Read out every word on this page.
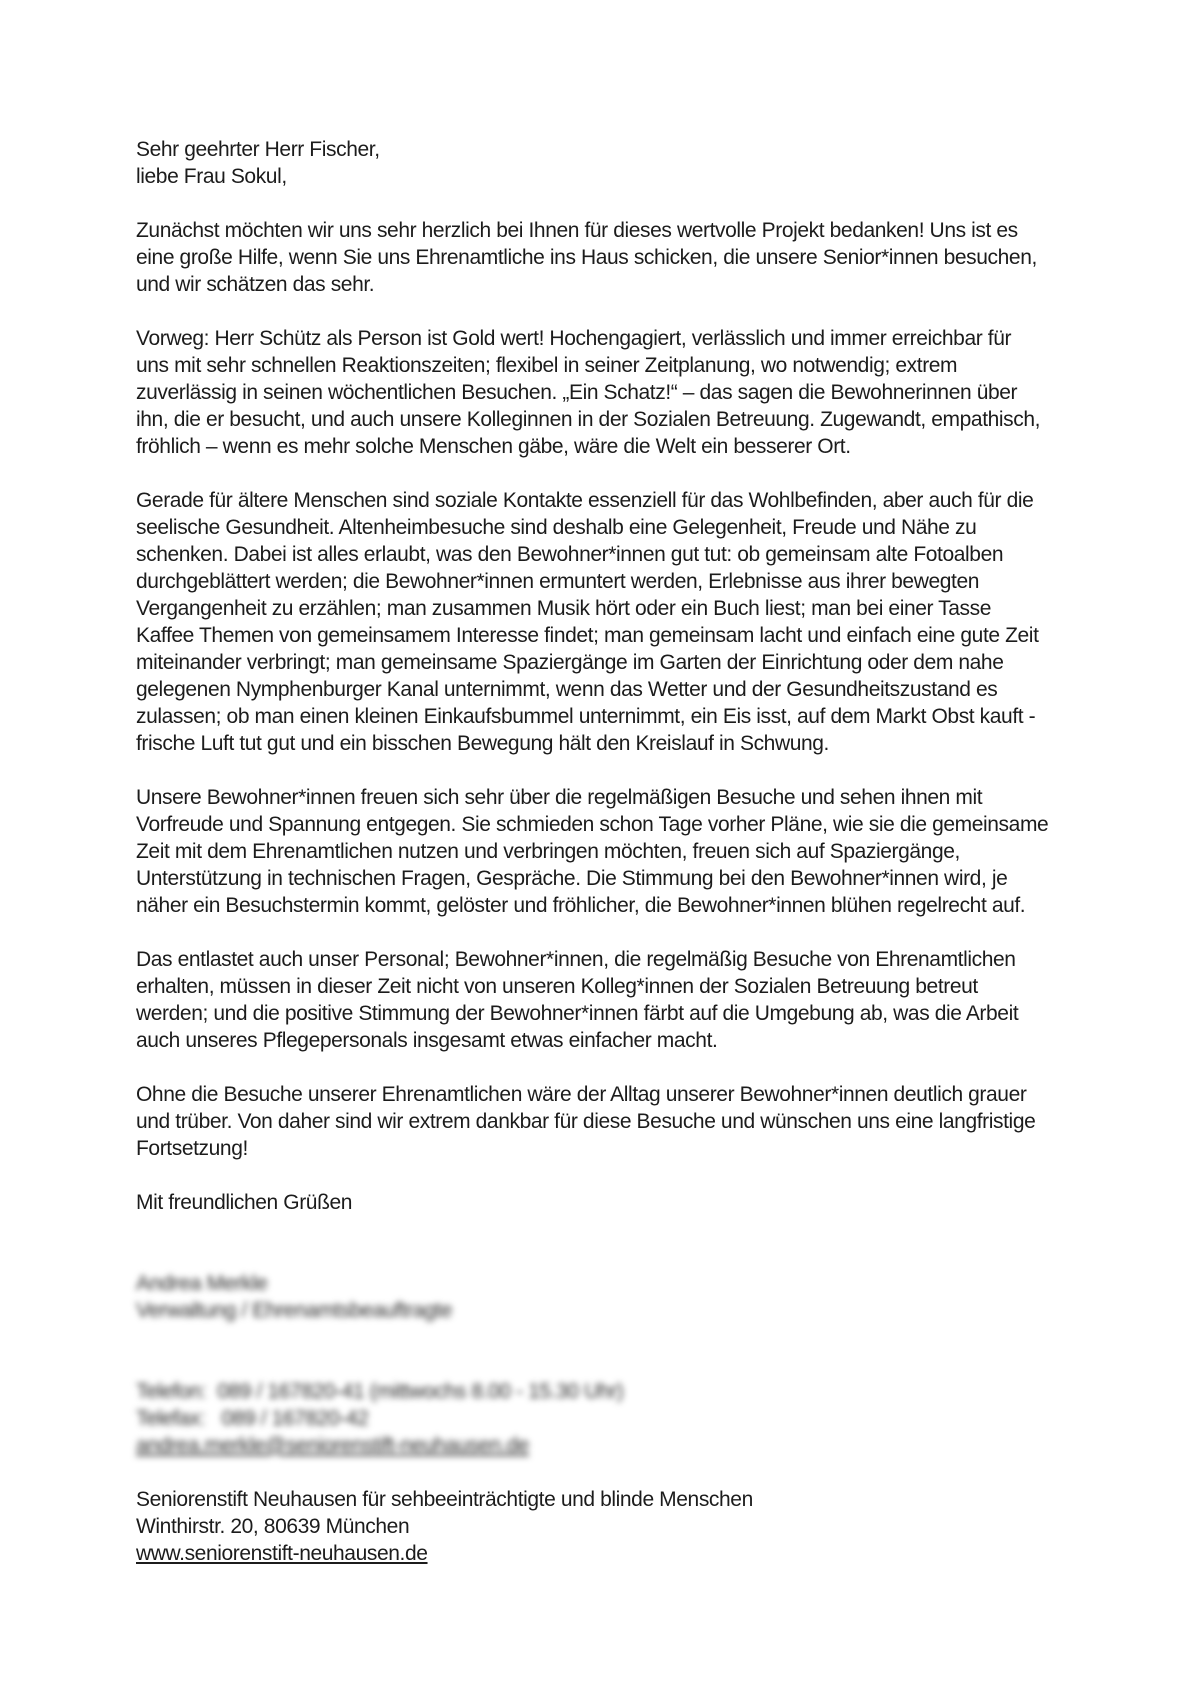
Sehr geehrter Herr Fischer,
liebe Frau Sokul,
Zunächst möchten wir uns sehr herzlich bei Ihnen für dieses wertvolle Projekt bedanken! Uns ist es
eine große Hilfe, wenn Sie uns Ehrenamtliche ins Haus schicken, die unsere Senior*innen besuchen,
und wir schätzen das sehr.
Vorweg: Herr Schütz als Person ist Gold wert! Hochengagiert, verlässlich und immer erreichbar für
uns mit sehr schnellen Reaktionszeiten; flexibel in seiner Zeitplanung, wo notwendig; extrem
zuverlässig in seinen wöchentlichen Besuchen. „Ein Schatz!“ – das sagen die Bewohnerinnen über
ihn, die er besucht, und auch unsere Kolleginnen in der Sozialen Betreuung. Zugewandt, empathisch,
fröhlich – wenn es mehr solche Menschen gäbe, wäre die Welt ein besserer Ort.
Gerade für ältere Menschen sind soziale Kontakte essenziell für das Wohlbefinden, aber auch für die
seelische Gesundheit. Altenheimbesuche sind deshalb eine Gelegenheit, Freude und Nähe zu
schenken. Dabei ist alles erlaubt, was den Bewohner*innen gut tut: ob gemeinsam alte Fotoalben
durchgeblättert werden; die Bewohner*innen ermuntert werden, Erlebnisse aus ihrer bewegten
Vergangenheit zu erzählen; man zusammen Musik hört oder ein Buch liest; man bei einer Tasse
Kaffee Themen von gemeinsamem Interesse findet; man gemeinsam lacht und einfach eine gute Zeit
miteinander verbringt; man gemeinsame Spaziergänge im Garten der Einrichtung oder dem nahe
gelegenen Nymphenburger Kanal unternimmt, wenn das Wetter und der Gesundheitszustand es
zulassen; ob man einen kleinen Einkaufsbummel unternimmt, ein Eis isst, auf dem Markt Obst kauft -
frische Luft tut gut und ein bisschen Bewegung hält den Kreislauf in Schwung.
Unsere Bewohner*innen freuen sich sehr über die regelmäßigen Besuche und sehen ihnen mit
Vorfreude und Spannung entgegen. Sie schmieden schon Tage vorher Pläne, wie sie die gemeinsame
Zeit mit dem Ehrenamtlichen nutzen und verbringen möchten, freuen sich auf Spaziergänge,
Unterstützung in technischen Fragen, Gespräche. Die Stimmung bei den Bewohner*innen wird, je
näher ein Besuchstermin kommt, gelöster und fröhlicher, die Bewohner*innen blühen regelrecht auf.
Das entlastet auch unser Personal; Bewohner*innen, die regelmäßig Besuche von Ehrenamtlichen
erhalten, müssen in dieser Zeit nicht von unseren Kolleg*innen der Sozialen Betreuung betreut
werden; und die positive Stimmung der Bewohner*innen färbt auf die Umgebung ab, was die Arbeit
auch unseres Pflegepersonals insgesamt etwas einfacher macht.
Ohne die Besuche unserer Ehrenamtlichen wäre der Alltag unserer Bewohner*innen deutlich grauer
und trüber. Von daher sind wir extrem dankbar für diese Besuche und wünschen uns eine langfristige
Fortsetzung!
Mit freundlichen Grüßen
Andrea Merkle
Verwaltung / Ehrenamtsbeauftragte
Telefon:  089 / 167820-41 (mittwochs 8.00 - 15.30 Uhr)
Telefax:   089 / 167820-42
andrea.merkle@seniorenstift-neuhausen.de
Seniorenstift Neuhausen für sehbeeinträchtigte und blinde Menschen
Winthirstr. 20, 80639 München
www.seniorenstift-neuhausen.de
